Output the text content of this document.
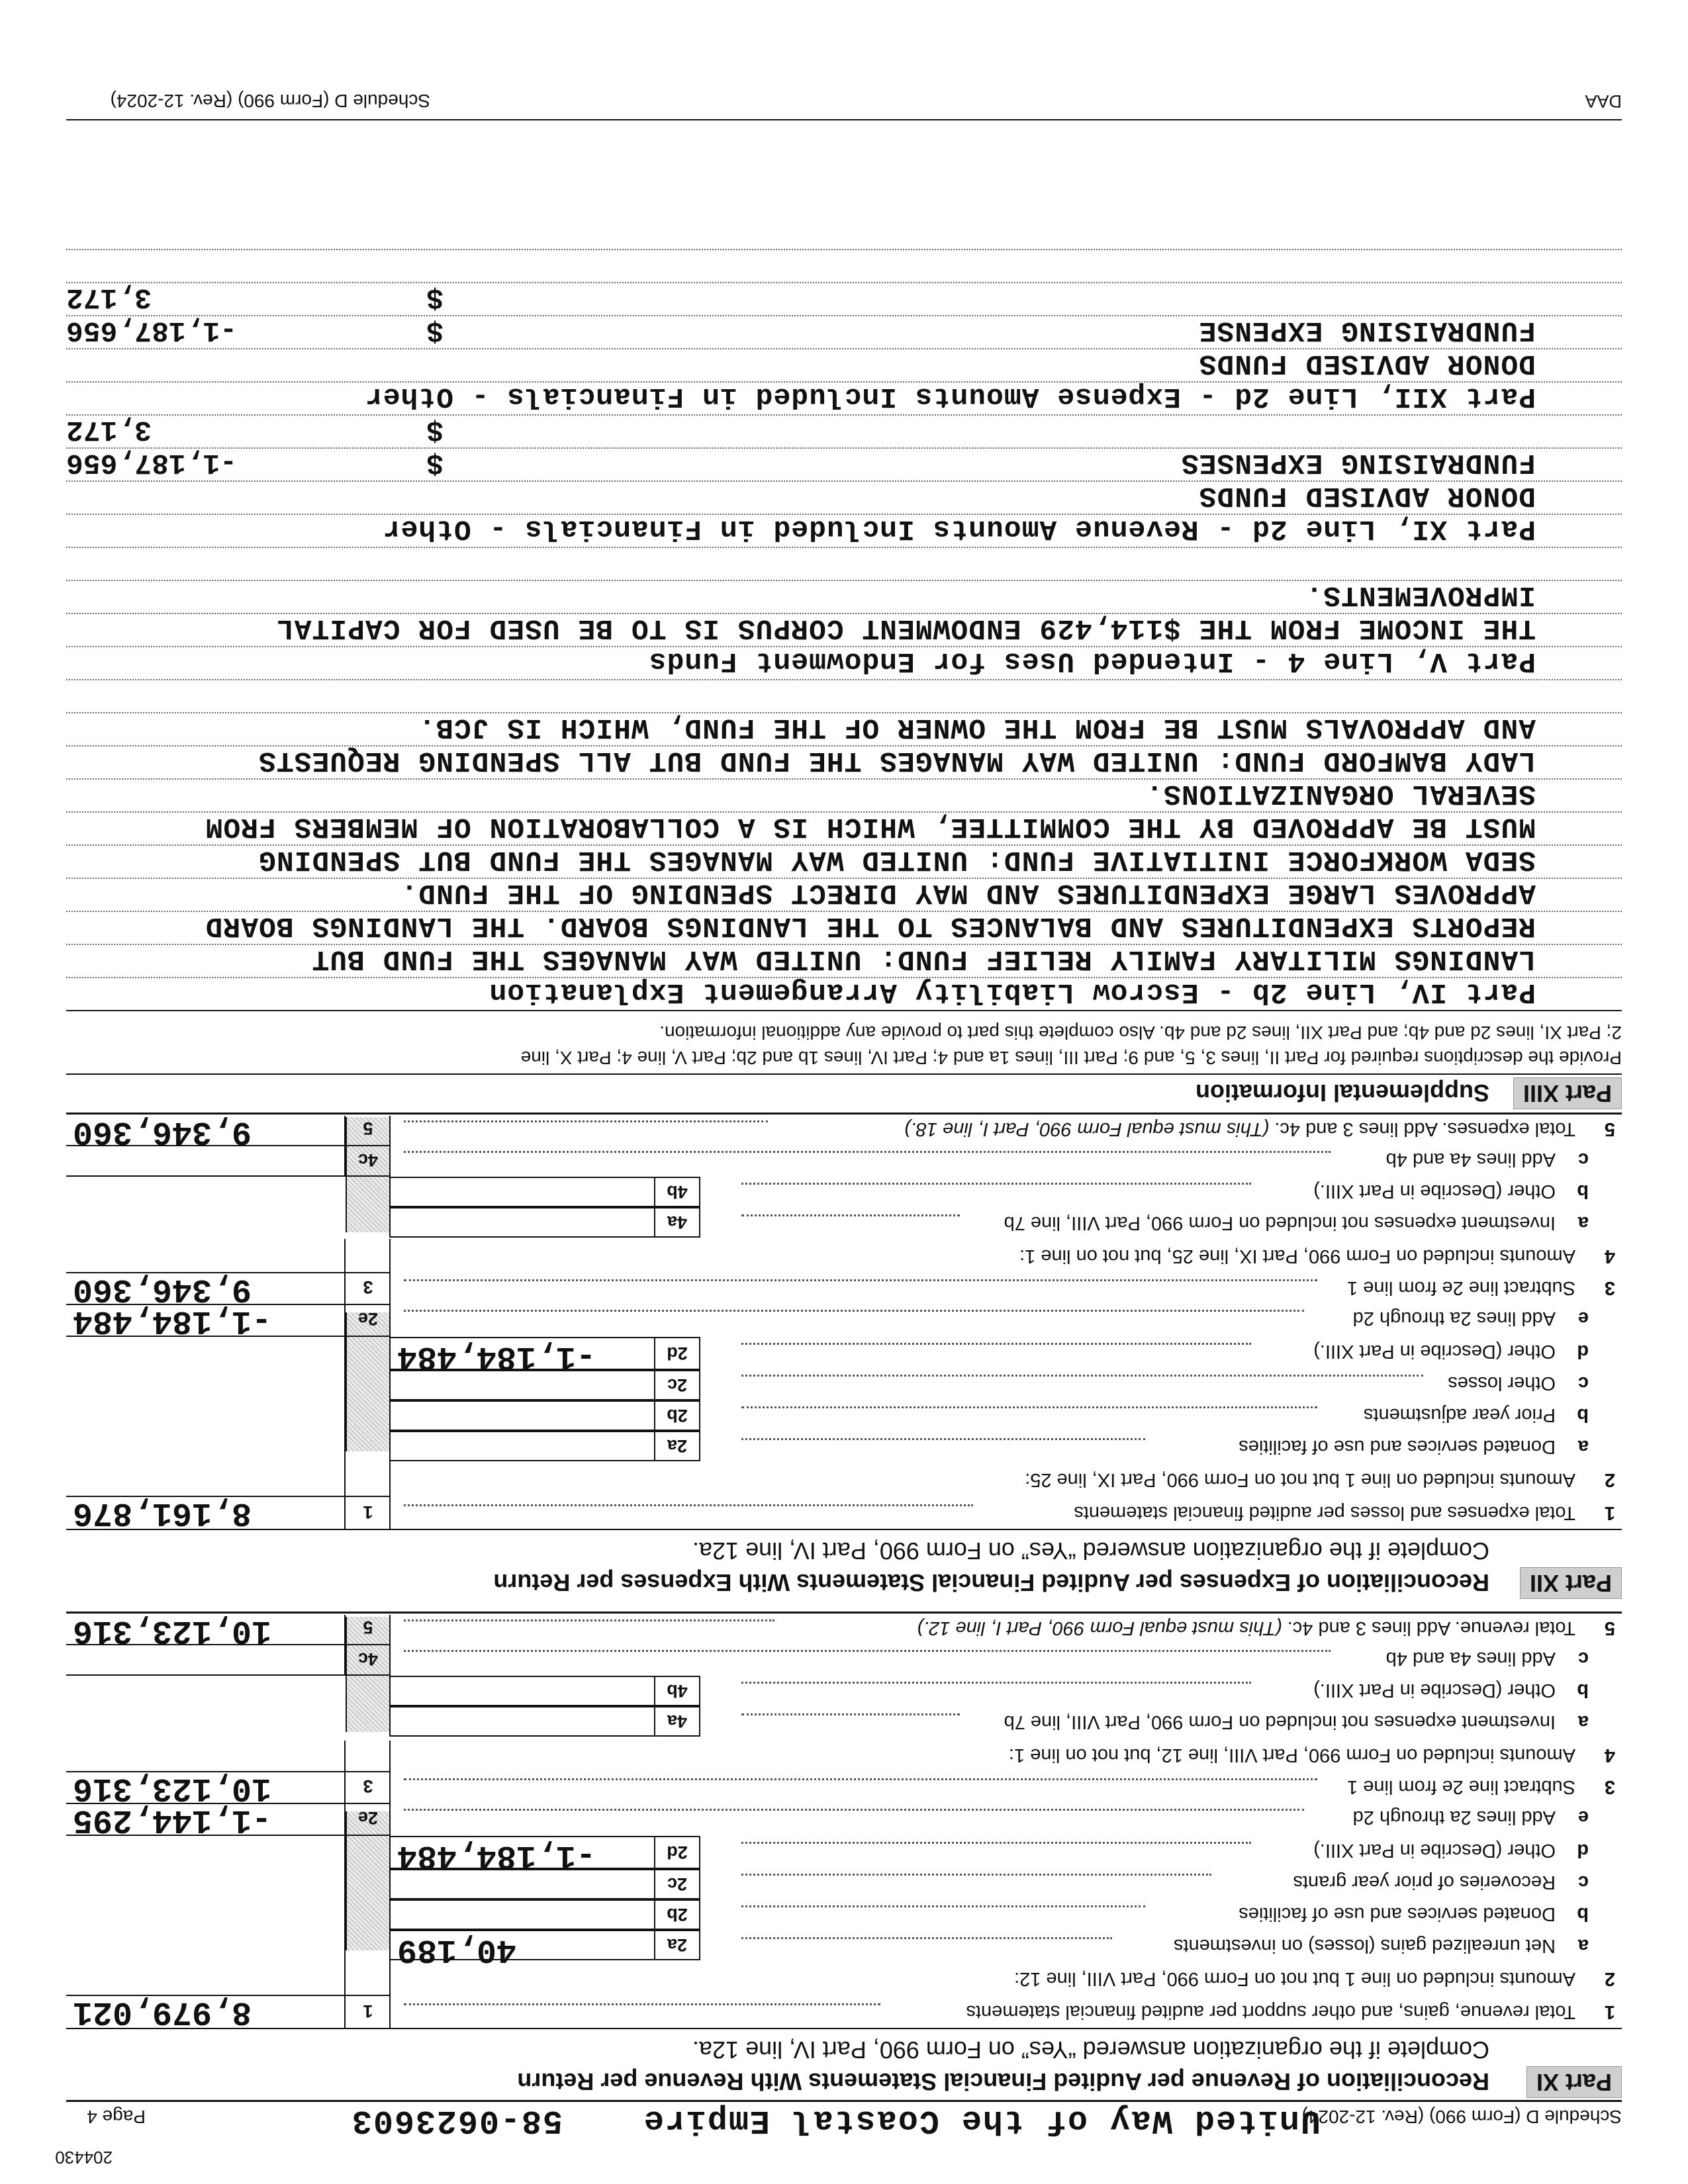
204430
Schedule D (Form 990) (Rev. 12-2024)
United Way of the Coastal Empire
58-0623603
Page 4
Part XI
Reconciliation of Revenue per Audited Financial Statements With Revenue per Return
Complete if the organization answered “Yes” on Form 990, Part IV, line 12a.
1
Total revenue, gains, and other support per audited financial statements
1
8,979,021
2
Amounts included on line 1 but not on Form 990, Part VIII, line 12:
a
Net unrealized gains (losses) on investments
2a
40,189
b
Donated services and use of facilities
2b
c
Recoveries of prior year grants
2c
d
Other (Describe in Part XIII.)
2d
-1,184,484
e
Add lines 2a through 2d
2e
-1,144,295
3
Subtract line 2e from line 1
3
10,123,316
4
Amounts included on Form 990, Part VIII, line 12, but not on line 1:
a
Investment expenses not included on Form 990, Part VIII, line 7b
4a
b
Other (Describe in Part XIII.)
4b
c
Add lines 4a and 4b
4c
5
Total revenue. Add lines 3 and 4c. (This must equal Form 990, Part I, line 12.)
5
10,123,316
Part XII
Reconciliation of Expenses per Audited Financial Statements With Expenses per Return
Complete if the organization answered “Yes” on Form 990, Part IV, line 12a.
1
Total expenses and losses per audited financial statements
1
8,161,876
2
Amounts included on line 1 but not on Form 990, Part IX, line 25:
a
Donated services and use of facilities
2a
b
Prior year adjustments
2b
c
Other losses
2c
d
Other (Describe in Part XIII.)
2d
-1,184,484
e
Add lines 2a through 2d
2e
-1,184,484
3
Subtract line 2e from line 1
3
9,346,360
4
Amounts included on Form 990, Part IX, line 25, but not on line 1:
a
Investment expenses not included on Form 990, Part VIII, line 7b
4a
b
Other (Describe in Part XIII.)
4b
c
Add lines 4a and 4b
4c
5
Total expenses. Add lines 3 and 4c. (This must equal Form 990, Part I, line 18.)
5
9,346,360
Part XIII
Supplemental Information
Provide the descriptions required for Part II, lines 3, 5, and 9; Part III, lines 1a and 4; Part IV, lines 1b and 2b; Part V, line 4; Part X, line
2; Part XI, lines 2d and 4b; and Part XII, lines 2d and 4b. Also complete this part to provide any additional information.
Part IV, Line 2b - Escrow Liability Arrangement Explanation
LANDINGS MILITARY FAMILY RELIEF FUND: UNITED WAY MANAGES THE FUND BUT
REPORTS EXPENDITURES AND BALANCES TO THE LANDINGS BOARD. THE LANDINGS BOARD
APPROVES LARGE EXPENDITURES AND MAY DIRECT SPENDING OF THE FUND.
SEDA WORKFORCE INITIATIVE FUND: UNITED WAY MANAGES THE FUND BUT SPENDING
MUST BE APPROVED BY THE COMMITTEE, WHICH IS A COLLABORATION OF MEMBERS FROM
SEVERAL ORGANIZATIONS.
LADY BAMFORD FUND: UNITED WAY MANAGES THE FUND BUT ALL SPENDING REQUESTS
AND APPROVALS MUST BE FROM THE OWNER OF THE FUND, WHICH IS JCB.
Part V, Line 4 - Intended Uses for Endowment Funds
THE INCOME FROM THE $114,429 ENDOWMENT CORPUS IS TO BE USED FOR CAPITAL
IMPROVEMENTS.
Part XI, Line 2d - Revenue Amounts Included in Financials - Other
DONOR ADVISED FUNDS
FUNDRAISING EXPENSES
Part XII, Line 2d - Expense Amounts Included in Financials - Other
DONOR ADVISED FUNDS
FUNDRAISING EXPENSE
$
-1,187,656
$
3,172
$
-1,187,656
$
3,172
DAA
Schedule D (Form 990) (Rev. 12-2024)
